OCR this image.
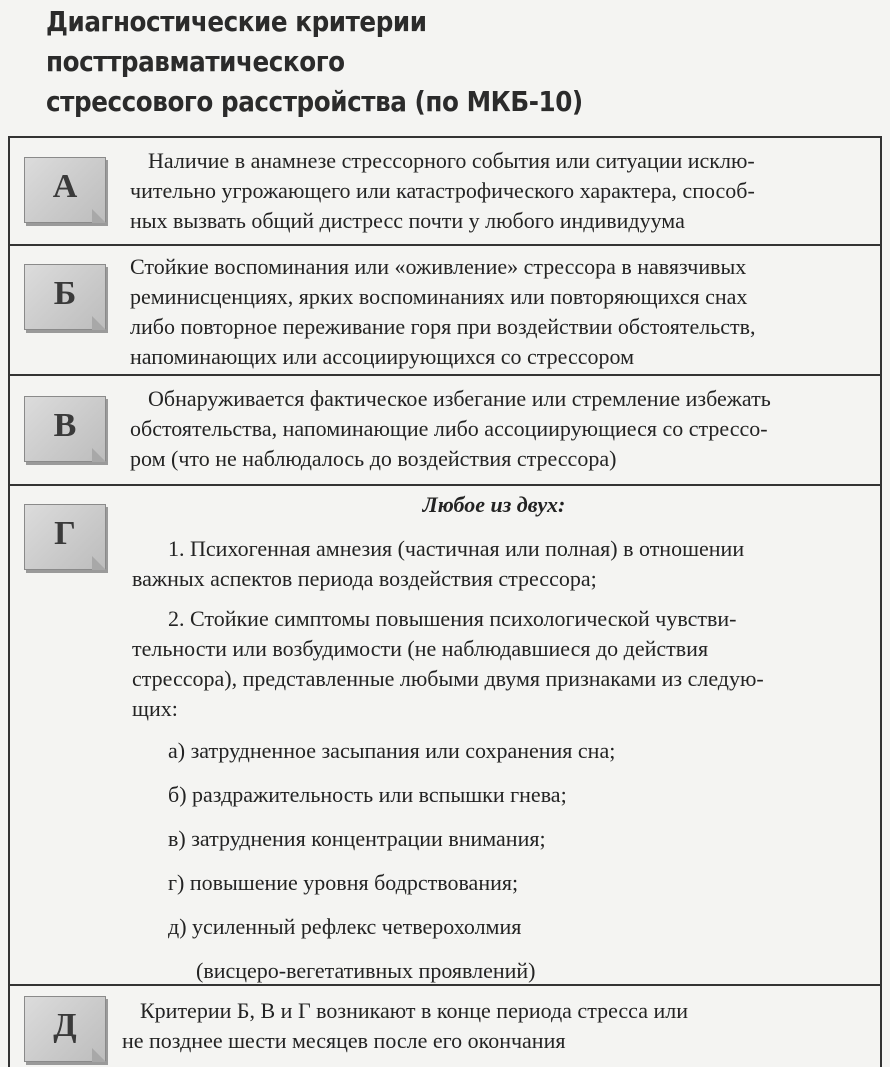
Диагностические критерии посттравматического
стрессового расстройства (по МКБ-10)
А

Наличие в анамнезе стрессорного события или ситуации исклю-

чительно угрожающего или катастрофического характера, способ-

ных вызвать общий дистресс почти у любого индивидуума

Б

Стойкие воспоминания или «оживление» стрессора в навязчивых

реминисценциях, ярких воспоминаниях или повторяющихся снах

либо повторное переживание горя при воздействии обстоятельств,

напоминающих или ассоциирующихся со стрессором

В

Обнаруживается фактическое избегание или стремление избежать

обстоятельства, напоминающие либо ассоциирующиеся со стрессо-

ром (что не наблюдалось до воздействия стрессора)

Г

Любое из двух:

1. Психогенная амнезия (частичная или полная) в отношении

важных аспектов периода воздействия стрессора;

2. Стойкие симптомы повышения психологической чувстви-

тельности или возбудимости (не наблюдавшиеся до действия

стрессора), представленные любыми двумя признаками из следую-

щих:

а) затрудненное засыпания или сохранения сна;

б) раздражительность или вспышки гнева;

в) затруднения концентрации внимания;

г) повышение уровня бодрствования;

д) усиленный рефлекс четверохолмия

(висцеро-вегетативных проявлений)

Д	Критерии Б, В и Г возникают в конце периода стресса или

не позднее шести месяцев после его окончания
